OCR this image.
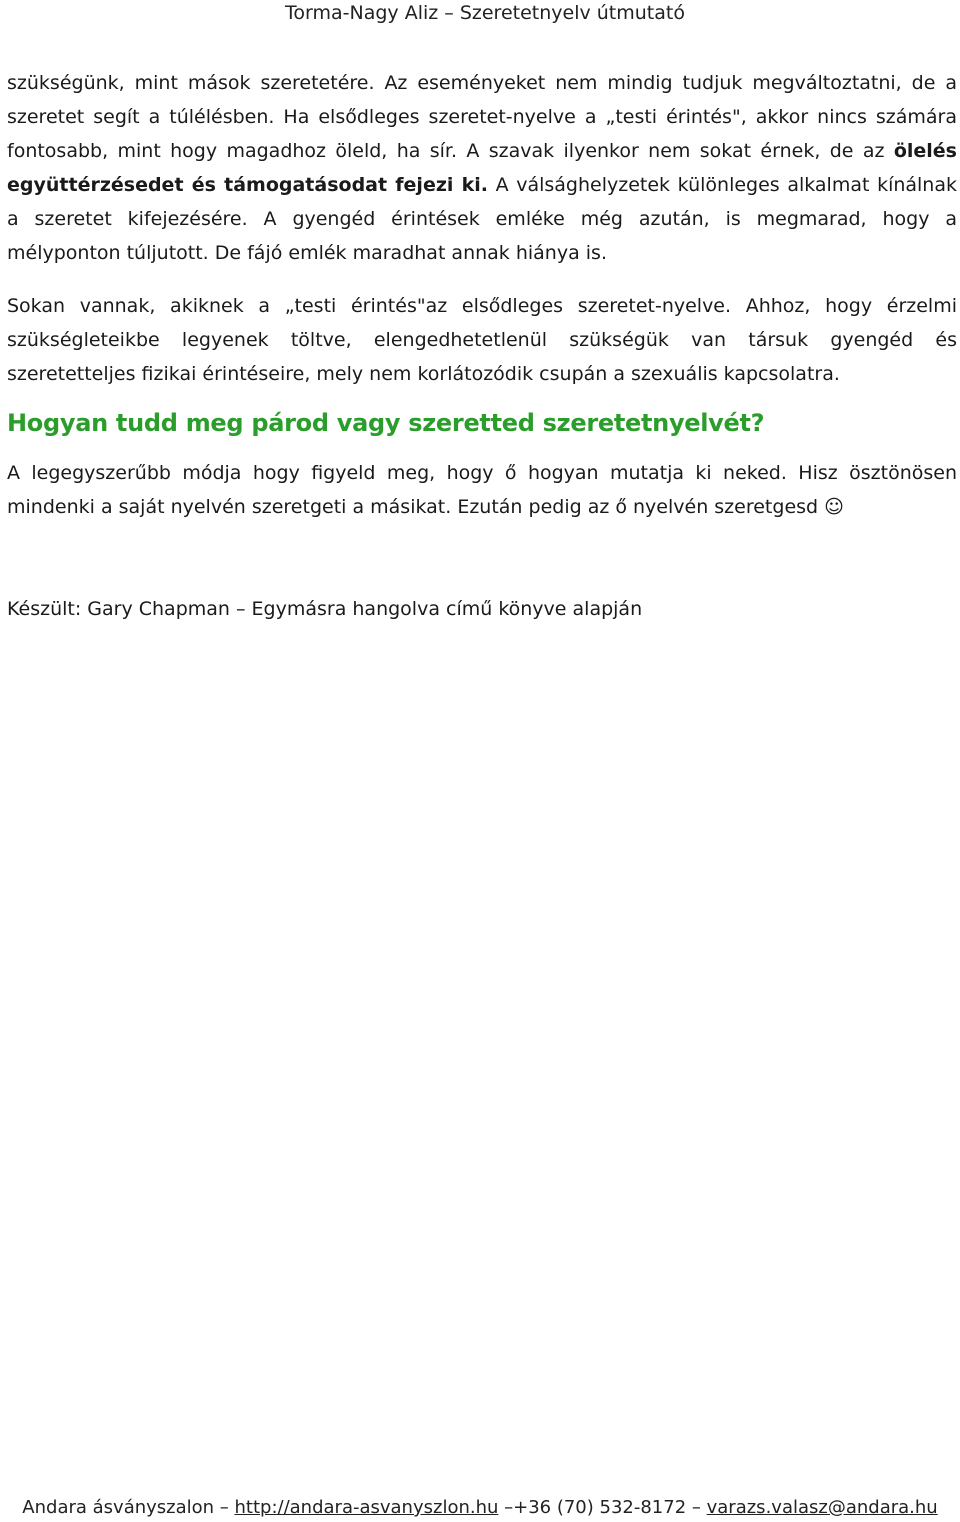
Torma-Nagy Aliz – Szeretetnyelv útmutató

szükségünk, mint mások szeretetére. Az eseményeket nem mindig tudjuk megváltoztatni, de a szeretet segít a túlélésben. Ha elsődleges szeretet-nyelve a „testi érintés", akkor nincs számára fontosabb, mint hogy magadhoz öleld, ha sír. A szavak ilyenkor nem sokat érnek, de az ölelés együttérzésedet és támogatásodat fejezi ki. A válsághelyzetek különleges alkalmat kínálnak a szeretet kifejezésére. A gyengéd érintések emléke még azután, is megmarad, hogy a mélyponton túljutott. De fájó emlék maradhat annak hiánya is.

Sokan vannak, akiknek a „testi érintés"az elsődleges szeretet-nyelve. Ahhoz, hogy érzelmi szükségleteikbe legyenek töltve, elengedhetetlenül szükségük van társuk gyengéd és szeretetteljes fizikai érintéseire, mely nem korlátozódik csupán a szexuális kapcsolatra.

Hogyan tudd meg párod vagy szeretted szeretetnyelvét?

A legegyszerűbb módja hogy figyeld meg, hogy ő hogyan mutatja ki neked. Hisz ösztönösen mindenki a saját nyelvén szeretgeti a másikat. Ezután pedig az ő nyelvén szeretgesd ☺

Készült: Gary Chapman – Egymásra hangolva című könyve alapján

Andara ásványszalon – http://andara-asvanyszlon.hu –+36 (70) 532-8172 – varazs.valasz@andara.hu
